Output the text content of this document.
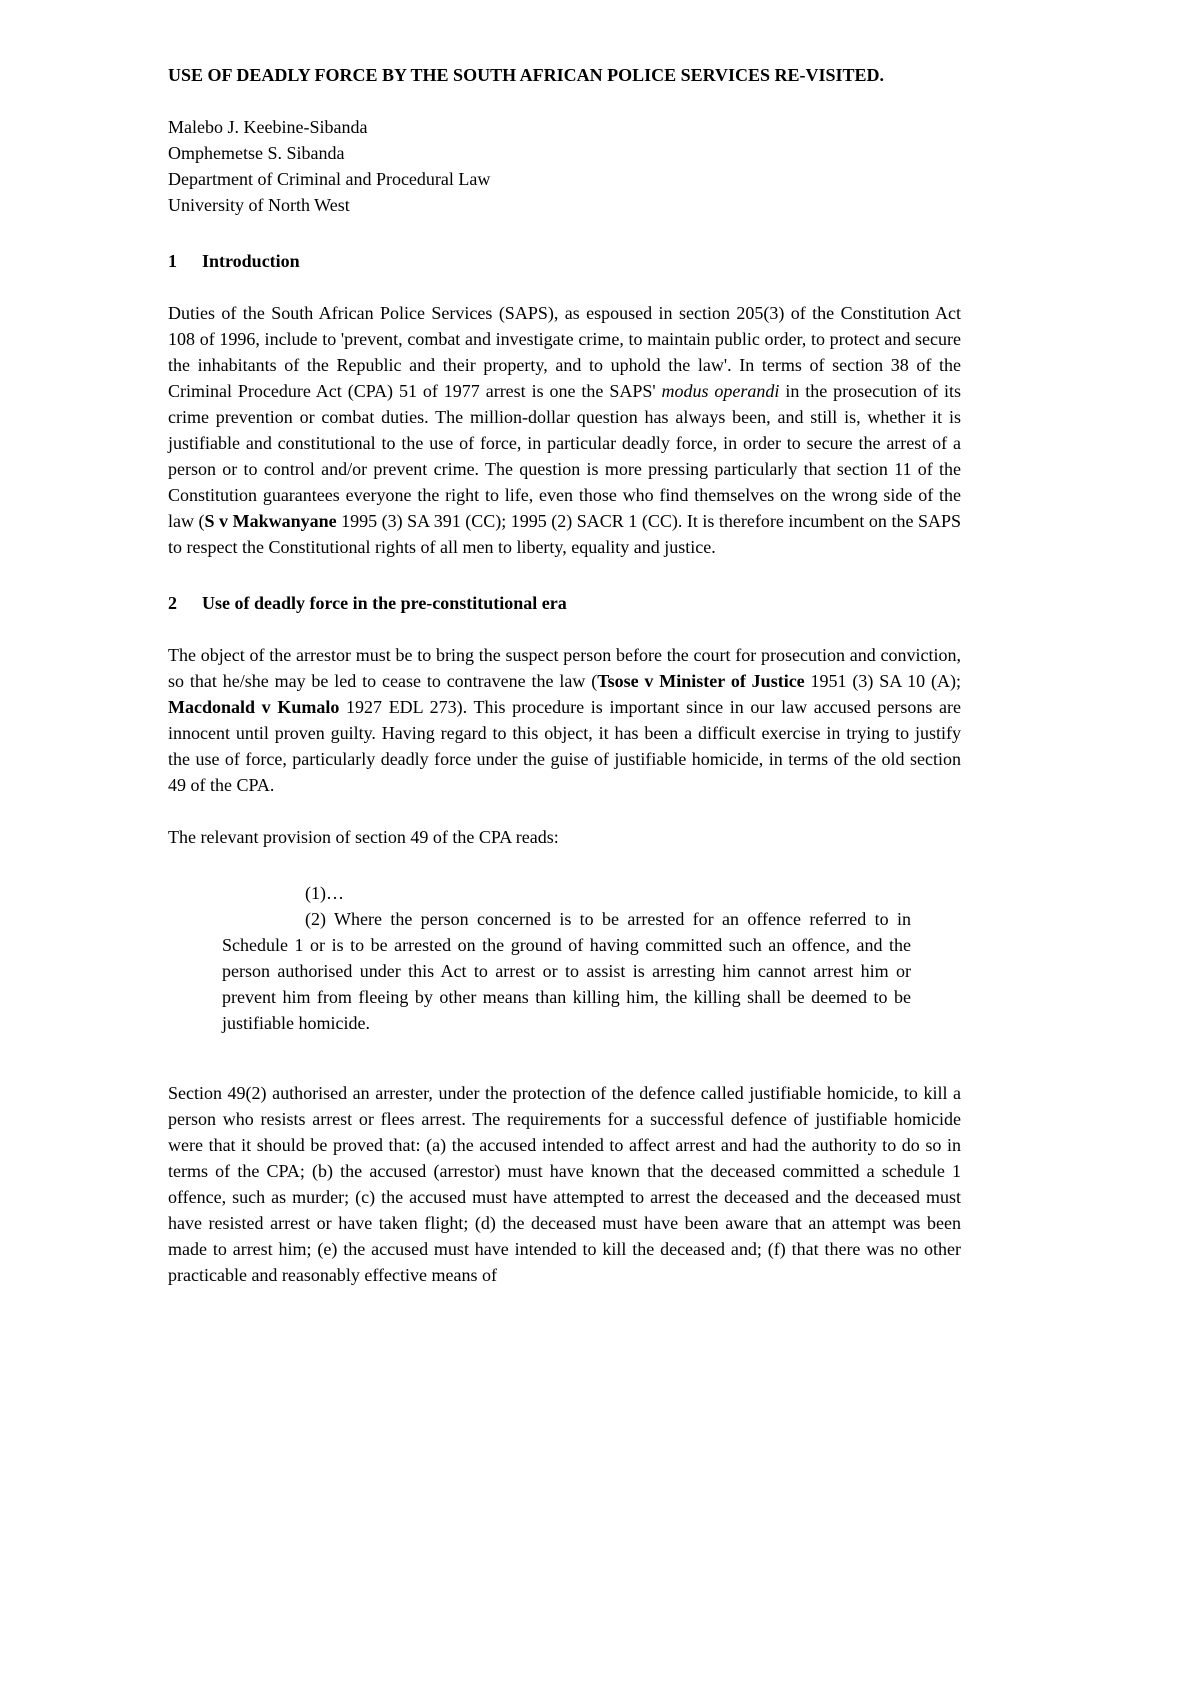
USE OF DEADLY FORCE BY THE SOUTH AFRICAN POLICE SERVICES RE-VISITED.

Malebo J. Keebine-Sibanda

Omphemetse S. Sibanda

Department of Criminal and Procedural Law

University of North West

1 Introduction

Duties of the South African Police Services (SAPS), as espoused in section 205(3) of the Constitution Act 108 of 1996, include to 'prevent, combat and investigate crime, to maintain public order, to protect and secure the inhabitants of the Republic and their property, and to uphold the law'. In terms of section 38 of the Criminal Procedure Act (CPA) 51 of 1977 arrest is one the SAPS' modus operandi in the prosecution of its crime prevention or combat duties. The million-dollar question has always been, and still is, whether it is justifiable and constitutional to the use of force, in particular deadly force, in order to secure the arrest of a person or to control and/or prevent crime. The question is more pressing particularly that section 11 of the Constitution guarantees everyone the right to life, even those who find themselves on the wrong side of the law (S v Makwanyane 1995 (3) SA 391 (CC); 1995 (2) SACR 1 (CC). It is therefore incumbent on the SAPS to respect the Constitutional rights of all men to liberty, equality and justice.

2 Use of deadly force in the pre-constitutional era

The object of the arrestor must be to bring the suspect person before the court for prosecution and conviction, so that he/she may be led to cease to contravene the law (Tsose v Minister of Justice 1951 (3) SA 10 (A); Macdonald v Kumalo 1927 EDL 273). This procedure is important since in our law accused persons are innocent until proven guilty. Having regard to this object, it has been a difficult exercise in trying to justify the use of force, particularly deadly force under the guise of justifiable homicide, in terms of the old section 49 of the CPA.

The relevant provision of section 49 of the CPA reads:

(1)…

(2) Where the person concerned is to be arrested for an offence referred to in Schedule 1 or is to be arrested on the ground of having committed such an offence, and the person authorised under this Act to arrest or to assist is arresting him cannot arrest him or prevent him from fleeing by other means than killing him, the killing shall be deemed to be justifiable homicide.

Section 49(2) authorised an arrester, under the protection of the defence called justifiable homicide, to kill a person who resists arrest or flees arrest. The requirements for a successful defence of justifiable homicide were that it should be proved that: (a) the accused intended to affect arrest and had the authority to do so in terms of the CPA; (b) the accused (arrestor) must have known that the deceased committed a schedule 1 offence, such as murder; (c) the accused must have attempted to arrest the deceased and the deceased must have resisted arrest or have taken flight; (d) the deceased must have been aware that an attempt was been made to arrest him; (e) the accused must have intended to kill the deceased and; (f) that there was no other practicable and reasonably effective means of
